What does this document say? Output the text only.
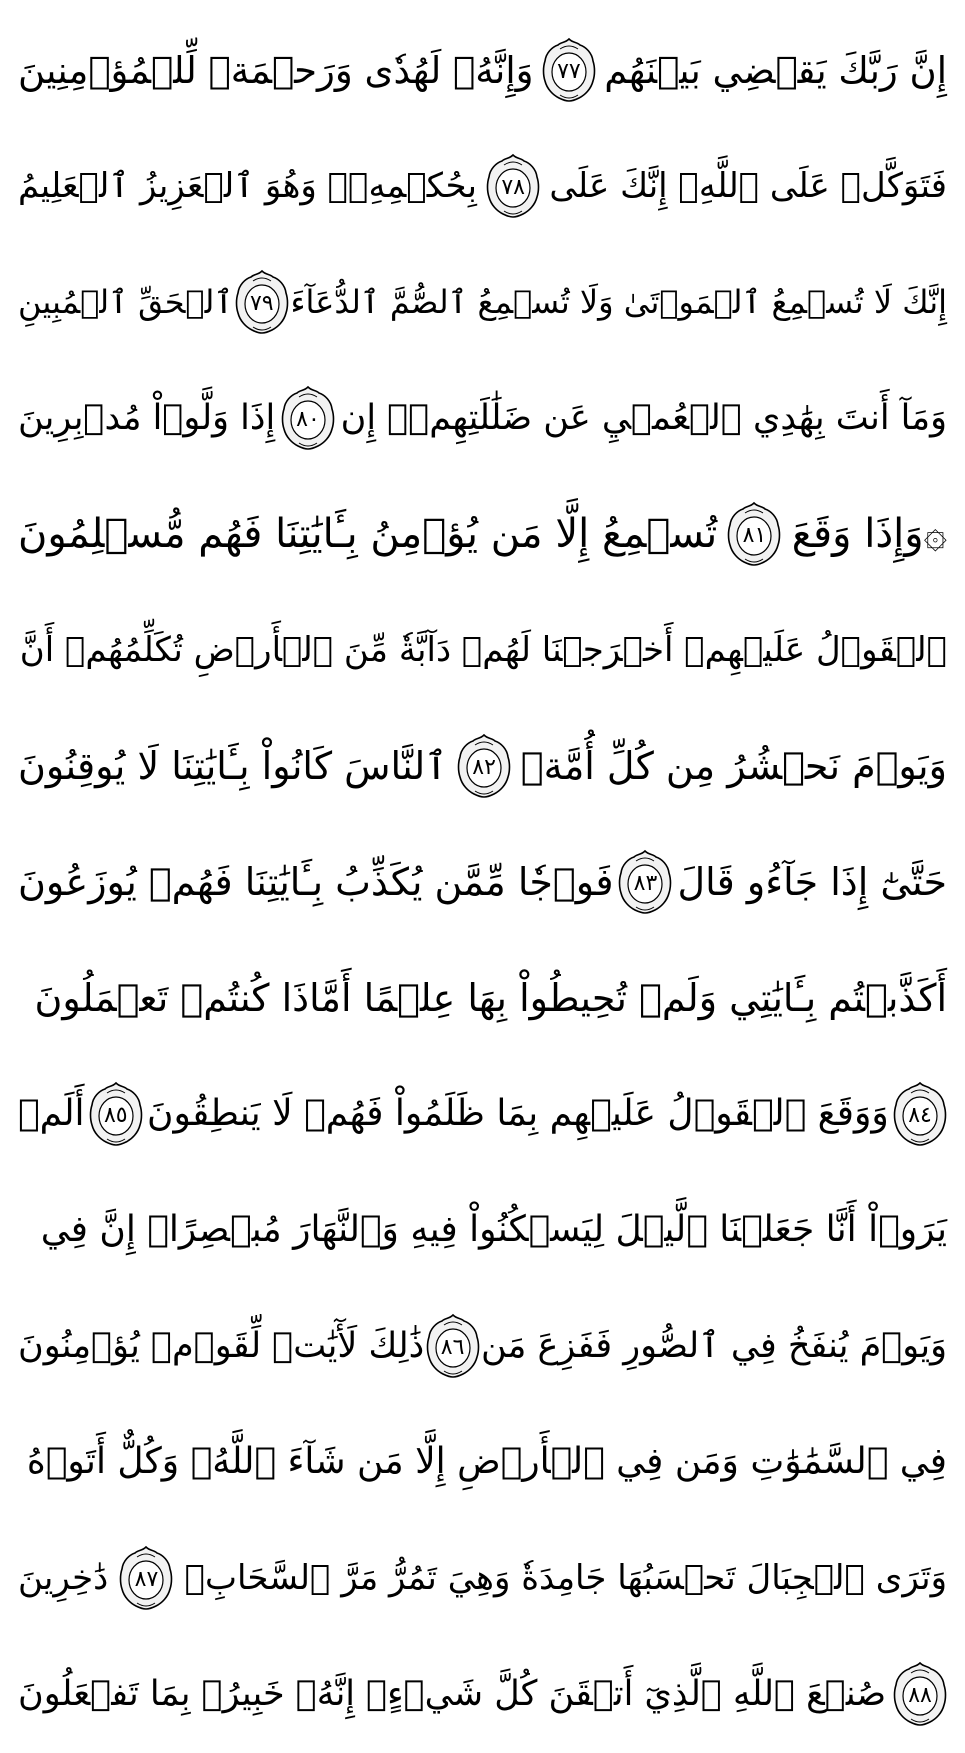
إِنَّ رَبَّكَ يَقۡضِي بَيۡنَهُم
٧٧
وَإِنَّهُۥ لَهُدٗى وَرَحۡمَةٞ لِّلۡمُؤۡمِنِينَ
فَتَوَكَّلۡ عَلَى ٱللَّهِۖ إِنَّكَ عَلَى
٧٨
بِحُكۡمِهِۦۚ وَهُوَ ٱلۡعَزِيزُ ٱلۡعَلِيمُ
إِنَّكَ لَا تُسۡمِعُ ٱلۡمَوۡتَىٰ وَلَا تُسۡمِعُ ٱلصُّمَّ ٱلدُّعَآءَ
٧٩
ٱلۡحَقِّ ٱلۡمُبِينِ
وَمَآ أَنتَ بِهَٰدِي ٱلۡعُمۡيِ عَن ضَلَٰلَتِهِمۡۖ إِن
٨٠
إِذَا وَلَّوۡاْ مُدۡبِرِينَ
۞وَإِذَا وَقَعَ
٨١
تُسۡمِعُ إِلَّا مَن يُؤۡمِنُ بِـَٔايَٰتِنَا فَهُم مُّسۡلِمُونَ
ٱلۡقَوۡلُ عَلَيۡهِمۡ أَخۡرَجۡنَا لَهُمۡ دَآبَّةٗ مِّنَ ٱلۡأَرۡضِ تُكَلِّمُهُمۡ أَنَّ
وَيَوۡمَ نَحۡشُرُ مِن كُلِّ أُمَّةٖ
٨٢
ٱلنَّاسَ كَانُواْ بِـَٔايَٰتِنَا لَا يُوقِنُونَ
حَتَّىٰٓ إِذَا جَآءُو قَالَ
٨٣
فَوۡجٗا مِّمَّن يُكَذِّبُ بِـَٔايَٰتِنَا فَهُمۡ يُوزَعُونَ
أَكَذَّبۡتُم بِـَٔايَٰتِي وَلَمۡ تُحِيطُواْ بِهَا عِلۡمًا أَمَّاذَا كُنتُمۡ تَعۡمَلُونَ
٨٤
وَوَقَعَ ٱلۡقَوۡلُ عَلَيۡهِم بِمَا ظَلَمُواْ فَهُمۡ لَا يَنطِقُونَ
٨٥
أَلَمۡ
يَرَوۡاْ أَنَّا جَعَلۡنَا ٱلَّيۡلَ لِيَسۡكُنُواْ فِيهِ وَٱلنَّهَارَ مُبۡصِرًاۚ إِنَّ فِي
وَيَوۡمَ يُنفَخُ فِي ٱلصُّورِ فَفَزِعَ مَن
٨٦
ذَٰلِكَ لَأٓيَٰتٖ لِّقَوۡمٖ يُؤۡمِنُونَ
فِي ٱلسَّمَٰوَٰتِ وَمَن فِي ٱلۡأَرۡضِ إِلَّا مَن شَآءَ ٱللَّهُۚ وَكُلٌّ أَتَوۡهُ
وَتَرَى ٱلۡجِبَالَ تَحۡسَبُهَا جَامِدَةٗ وَهِيَ تَمُرُّ مَرَّ ٱلسَّحَابِۚ
٨٧
دَٰخِرِينَ
٨٨
صُنۡعَ ٱللَّهِ ٱلَّذِيٓ أَتۡقَنَ كُلَّ شَيۡءٍۚ إِنَّهُۥ خَبِيرُۢ بِمَا تَفۡعَلُونَ
